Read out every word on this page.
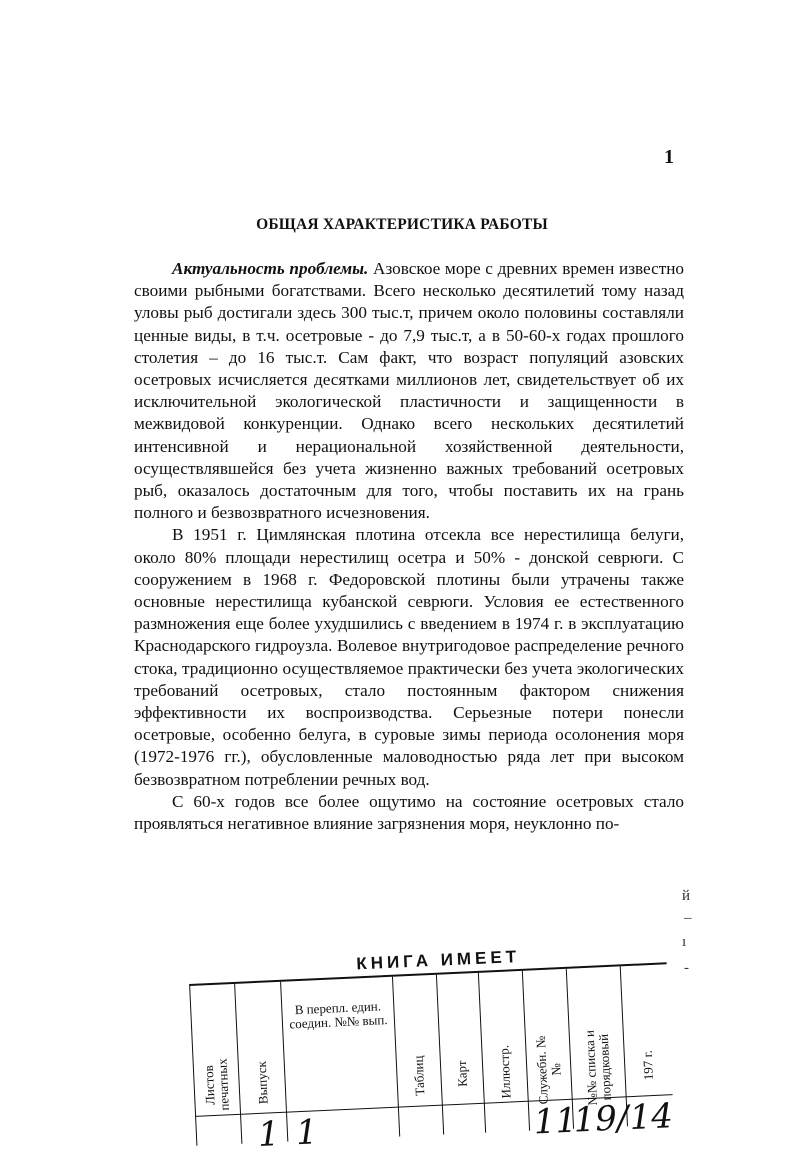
1
ОБЩАЯ ХАРАКТЕРИСТИКА РАБОТЫ

Актуальность проблемы. Азовское море с древних времен известно своими рыбными богатствами. Всего несколько десятилетий тому назад уловы рыб достигали здесь 300 тыс.т, причем около половины составляли ценные виды, в т.ч. осетровые - до 7,9 тыс.т, а в 50-60-х годах прошлого столетия – до 16 тыс.т. Сам факт, что возраст популяций азовских осетровых исчисляется десятками миллионов лет, свидетельствует об их исключительной экологической пластичности и защищенности в межвидовой конкуренции. Однако всего нескольких десятилетий интенсивной и нерациональной хозяйственной деятельности, осуществлявшейся без учета жизненно важных требований осетровых рыб, оказалось достаточным для того, чтобы поставить их на грань полного и безвозвратного исчезновения.

В 1951 г. Цимлянская плотина отсекла все нерестилища белуги, около 80% площади нерестилищ осетра и 50% - донской севрюги. С сооружением в 1968 г. Федоровской плотины были утрачены также основные нерестилища кубанской севрюги. Условия ее естественного размножения еще более ухудшились с введением в 1974 г. в эксплуатацию Краснодарского гидроузла. Волевое внутригодовое распределение речного стока, традиционно осуществляемое практически без учета экологических требований осетровых, стало постоянным фактором снижения эффективности их воспроизводства. Серьезные потери понесли осетровые, особенно белуга, в суровые зимы периода осолонения моря (1972-1976 гг.), обусловленные маловодностью ряда лет при высоком безвозвратном потреблении речных вод.

С 60-х годов все более ощутимо на состояние осетровых стало проявляться негативное влияние загрязнения моря, неуклонно по-

й
–
ı
-
КНИГА ИМЕЕТ
Листов печатных Выпуск
1
В перепл. един. соедин. №№ вып.
1
Таблиц Карт Иллюстр. Служебн. №№
11
№№ списка и порядковый
19/
197 г.
14
